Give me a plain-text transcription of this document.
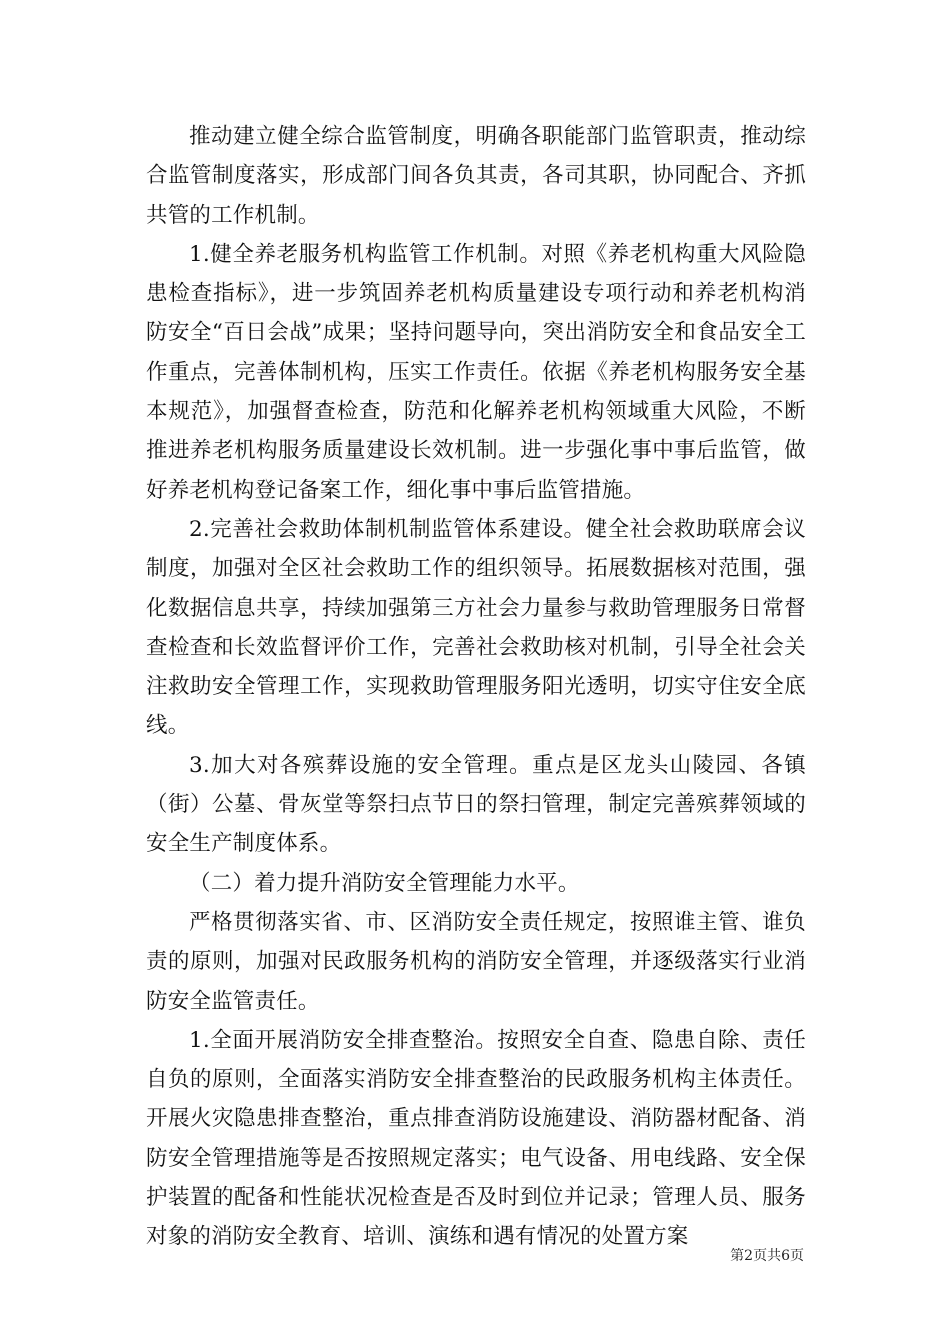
推动建立健全综合监管制度，明确各职能部门监管职责，推动综合监管制度落实，形成部门间各负其责，各司其职，协同配合、齐抓共管的工作机制。

1.健全养老服务机构监管工作机制。对照《养老机构重大风险隐患检查指标》，进一步筑固养老机构质量建设专项行动和养老机构消防安全“百日会战”成果；坚持问题导向，突出消防安全和食品安全工作重点，完善体制机构，压实工作责任。依据《养老机构服务安全基本规范》，加强督查检查，防范和化解养老机构领域重大风险，不断推进养老机构服务质量建设长效机制。进一步强化事中事后监管，做好养老机构登记备案工作，细化事中事后监管措施。

2.完善社会救助体制机制监管体系建设。健全社会救助联席会议制度，加强对全区社会救助工作的组织领导。拓展数据核对范围，强化数据信息共享，持续加强第三方社会力量参与救助管理服务日常督查检查和长效监督评价工作，完善社会救助核对机制，引导全社会关注救助安全管理工作，实现救助管理服务阳光透明，切实守住安全底线。

3.加大对各殡葬设施的安全管理。重点是区龙头山陵园、各镇（街）公墓、骨灰堂等祭扫点节日的祭扫管理，制定完善殡葬领域的安全生产制度体系。

（二）着力提升消防安全管理能力水平。

严格贯彻落实省、市、区消防安全责任规定，按照谁主管、谁负责的原则，加强对民政服务机构的消防安全管理，并逐级落实行业消防安全监管责任。

1.全面开展消防安全排查整治。按照安全自查、隐患自除、责任自负的原则，全面落实消防安全排查整治的民政服务机构主体责任。开展火灾隐患排查整治，重点排查消防设施建设、消防器材配备、消防安全管理措施等是否按照规定落实；电气设备、用电线路、安全保护装置的配备和性能状况检查是否及时到位并记录；管理人员、服务对象的消防安全教育、培训、演练和遇有情况的处置方案

第2页共6页
